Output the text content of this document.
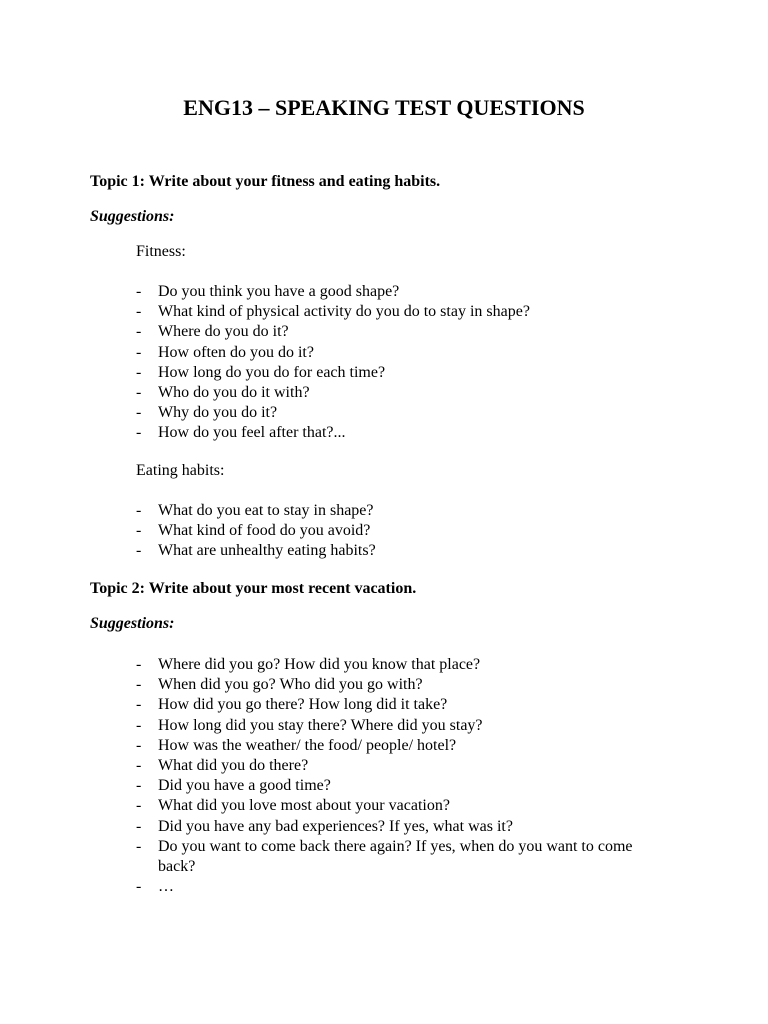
ENG13 – SPEAKING TEST QUESTIONS
Topic 1: Write about your fitness and eating habits.
Suggestions:
Fitness:
- Do you think you have a good shape?
- What kind of physical activity do you do to stay in shape?
- Where do you do it?
- How often do you do it?
- How long do you do for each time?
- Who do you do it with?
- Why do you do it?
- How do you feel after that?...
Eating habits:
- What do you eat to stay in shape?
- What kind of food do you avoid?
- What are unhealthy eating habits?
Topic 2: Write about your most recent vacation.
Suggestions:
- Where did you go? How did you know that place?
- When did you go? Who did you go with?
- How did you go there? How long did it take?
- How long did you stay there? Where did you stay?
- How was the weather/ the food/ people/ hotel?
- What did you do there?
- Did you have a good time?
- What did you love most about your vacation?
- Did you have any bad experiences? If yes, what was it?
- Do you want to come back there again? If yes, when do you want to come back?
- …
